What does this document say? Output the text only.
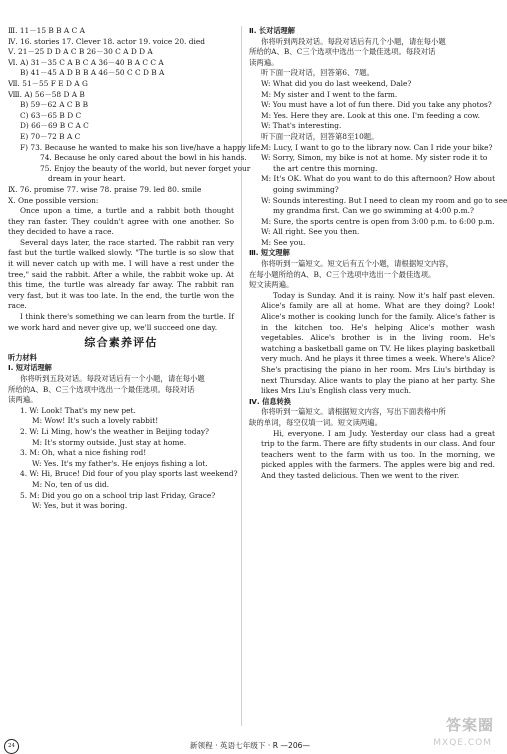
Ⅲ. 11－15 B B A C A
Ⅳ. 16. stories 17. Clever 18. actor 19. voice 20. died
Ⅴ. 21－25 D D A C B 26－30 C A D D A
Ⅵ. A) 31－35 C A B C A 36－40 B A C C A
B) 41－45 A D B B A 46－50 C C D B A
Ⅶ. 51－55 F E D A G
Ⅷ. A) 56－58 D A B
B) 59－62 A C B B
C) 63－65 B D C
D) 66－69 B C A C
E) 70－72 B A C
F) 73. Because he wanted to make his son live/have a happy life.
74. Because he only cared about the bowl in his hands.
75. Enjoy the beauty of the world, but never forget your
dream in your heart.
Ⅸ. 76. promise 77. wise 78. praise 79. led 80. smile
Ⅹ. One possible version:
Once upon a time, a turtle and a rabbit both thought they ran faster. They couldn't agree with one another. So they decided to have a race.
Several days later, the race started. The rabbit ran very fast but the turtle walked slowly. "The turtle is so slow that it will never catch up with me. I will have a rest under the tree," said the rabbit. After a while, the rabbit woke up. At this time, the turtle was already far away. The rabbit ran very fast, but it was too late. In the end, the turtle won the race.
I think there's something we can learn from the turtle. If we work hard and never give up, we'll succeed one day.
综合素养评估
听力材料
Ⅰ. 短对话理解
你将听到五段对话。每段对话后有一个小题，请在每小题
所给的A、B、C三个选项中选出一个最佳选项。每段对话
读两遍。
1. W: Look! That's my new pet.
M: Wow! It's such a lovely rabbit!
2. W: Li Ming, how's the weather in Beijing today?
M: It's stormy outside. Just stay at home.
3. M: Oh, what a nice fishing rod!
W: Yes. It's my father's. He enjoys fishing a lot.
4. W: Hi, Bruce! Did four of you play sports last weekend?
M: No, ten of us did.
5. M: Did you go on a school trip last Friday, Grace?
W: Yes, but it was boring.
Ⅱ. 长对话理解
你将听到两段对话。每段对话后有几个小题，请在每小题
所给的A、B、C三个选项中选出一个最佳选项。每段对话
读两遍。
听下面一段对话，回答第6、7题。
W: What did you do last weekend, Dale?
M: My sister and I went to the farm.
W: You must have a lot of fun there. Did you take any photos?
M: Yes. Here they are. Look at this one. I'm feeding a cow.
W: That's interesting.
听下面一段对话，回答第8至10题。
M: Lucy, I want to go to the library now. Can I ride your bike?
W: Sorry, Simon, my bike is not at home. My sister rode it to
the art centre this morning.
M: It's OK. What do you want to do this afternoon? How about
going swimming?
W: Sounds interesting. But I need to clean my room and go to see
my grandma first. Can we go swimming at 4:00 p.m.?
M: Sure, the sports centre is open from 3:00 p.m. to 6:00 p.m.
W: All right. See you then.
M: See you.
Ⅲ. 短文理解
你将听到一篇短文。短文后有五个小题，请根据短文内容，
在每小题所给的A、B、C三个选项中选出一个最佳选项。
短文读两遍。
Today is Sunday. And it is rainy. Now it's half past eleven. Alice's family are all at home. What are they doing? Look! Alice's mother is cooking lunch for the family. Alice's father is in the kitchen too. He's helping Alice's mother wash vegetables. Alice's brother is in the living room. He's watching a basketball game on TV. He likes playing basketball very much. And he plays it three times a week. Where's Alice? She's practising the piano in her room. Mrs Liu's birthday is next Thursday. Alice wants to play the piano at her party. She likes Mrs Liu's English class very much.
Ⅳ. 信息转换
你将听到一篇短文。请根据短文内容，写出下面表格中所
缺的单词，每空仅填一词。短文读两遍。
Hi, everyone. I am Judy. Yesterday our class had a great trip to the farm. There are fifty students in our class. And four teachers went to the farm with us too. In the morning, we picked apples with the farmers. The apples were big and red. And they tasted delicious. Then we went to the river.
24	新领程 · 英语七年级下 · R —206—
答案圈
MXQE.COM
